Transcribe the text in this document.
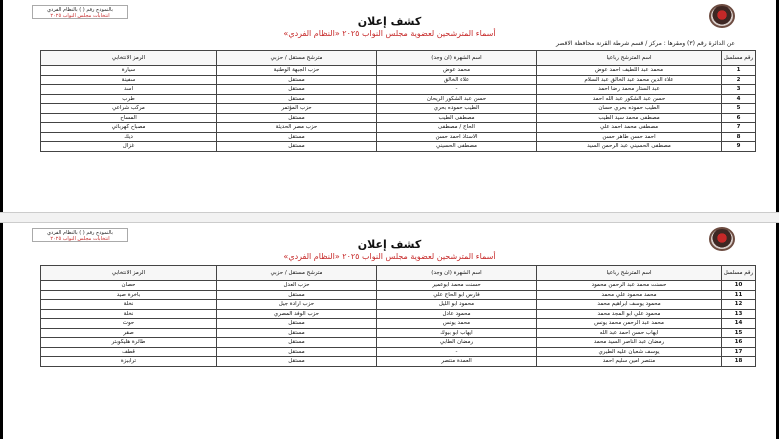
بالنموذج رقم ( ) بالنظام الفردي
انتخابات مجلس النواب ٢٠٢٥	كشف إعلان
أسماء المترشحين لعضوية مجلس النواب ٢٠٢٥ «النظام الفردي»
عن الدائرة رقم (٣) ومقرها : مركز / قسم شرطة القرنة محافظة الاقصر
رقم مسلسل	اسم المترشح رباعيا	اسم الشهرة (ان وجد)	مترشح مستقل / حزبي	الرمز الانتخابي
1	محمد عبد اللطيف احمد عوض	محمد عوض	حزب الجبهة الوطنية	سيارة
2	علاء الدين محمد عبد الخالق عبد السلام	علاء الخالق	مستقل	سفينة
3	عبد الستار محمد رضا احمد	-	مستقل	اسد
4	حسن عبد الشكور عبد الله احمد	حسن عبد الشكور الريحان	مستقل	طرب
5	الطيب حموده بحري حسان	الطيب حموده بحري	حزب المؤتمر	مركب شراعي
6	مصطفى محمد سيد الطيب	مصطفى الطيب	مستقل	المساح
7	مصطفى محمد احمد علي	الحاج / مصطفى	حزب مصر الحديثة	مصباح كهربائي
8	احمد حسن طاهر حسن	الاستاذ احمد حسن	مستقل	ديك
9	مصطفى الحسيني عبد الرحمن السيد	مصطفى الحسيني	مستقل	غزال
بالنموذج رقم ( ) بالنظام الفردي
انتخابات مجلس النواب ٢٠٢٥	كشف إعلان
أسماء المترشحين لعضوية مجلس النواب ٢٠٢٥ «النظام الفردي»
رقم مسلسل	اسم المترشح رباعيا	اسم الشهرة (ان وجد)	مترشح مستقل / حزبي	الرمز الانتخابي
10	حسنت محمد عبد الرحمن محمود	حسنت محمد ابوعمير	حزب العدل	حصان
11	محمد محمود علي محمد	فارس ابو الحاج علي	مستقل	باخرة صيد
12	محمود يوسف ابراهيم محمد	محمود ابو الليل	حزب ارادة جيل	نخلة
13	محمود علي ابو المجد محمد	محمود عادل	حزب الوفد المصري	نخلة
14	محمد عبد الرحمن محمد يونس	محمد يونس	مستقل	حوت
15	ايهاب حسن احمد عبد الله	ايهاب ابو بيوك	مستقل	صقر
16	رمضان عبد الناصر السيد محمد	رمضان الطابي	مستقل	طائرة هليكوبتر
17	يوسف شعبان عليه الطيري	-	مستقل	قطف
18	منتصر امين سليم احمد	العمدة منتصر	مستقل	ترابيزة
